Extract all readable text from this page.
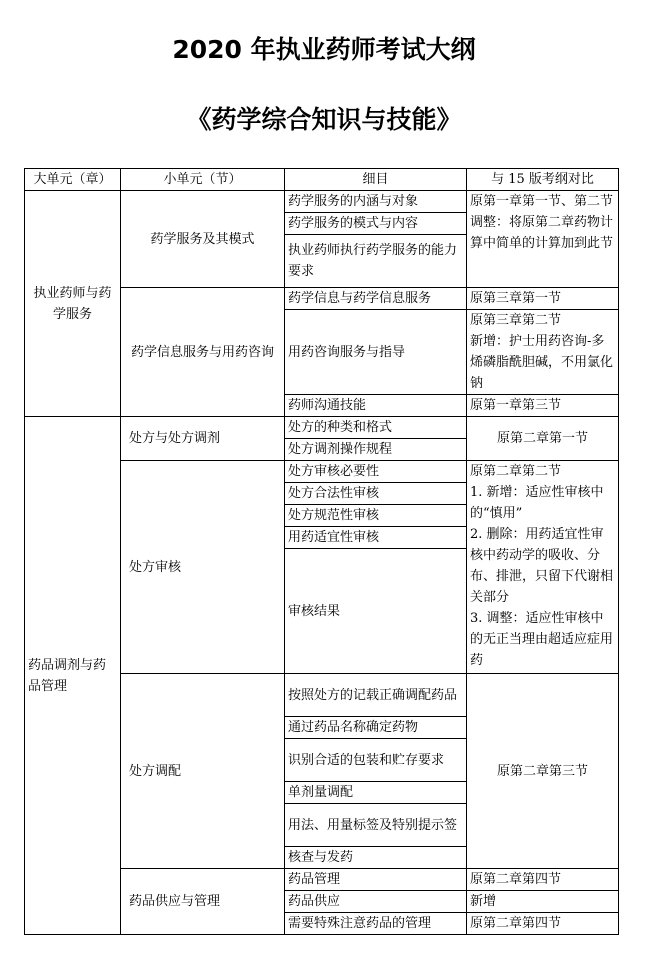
2020 年执业药师考试大纲
《药学综合知识与技能》
大单元（章）	小单元（节）	细目	与 15 版考纲对比
执业药师与药学服务	药学服务及其模式	药学服务的内涵与对象	原第一章第一节、第二节
调整：将原第二章药物计算中简单的计算加到此节

		药学服务的模式与内容	
		执业药师执行药学服务的能力要求	
	药学信息服务与用药咨询	药学信息与药学信息服务	原第三章第一节
		用药咨询服务与指导	原第三章第二节
新增：护士用药咨询-多烯磷脂酰胆碱，不用氯化钠

		药师沟通技能	原第一章第三节
药品调剂与药品管理	处方与处方调剂	处方的种类和格式	原第二章第一节
		处方调剂操作规程	
	处方审核	处方审核必要性	原第二章第二节
1. 新增：适应性审核中的“慎用”
2. 删除：用药适宜性审核中药动学的吸收、分布、排泄，只留下代谢相关部分
3. 调整：适应性审核中的无正当理由超适应症用药

		处方合法性审核	
		处方规范性审核	
		用药适宜性审核	
		审核结果	
	处方调配	按照处方的记载正确调配药品	原第二章第三节
		通过药品名称确定药物	
		识别合适的包装和贮存要求	
		单剂量调配	
		用法、用量标签及特别提示签	
		核查与发药	
	药品供应与管理	药品管理	原第二章第四节
		药品供应	新增
		需要特殊注意药品的管理	原第二章第四节
